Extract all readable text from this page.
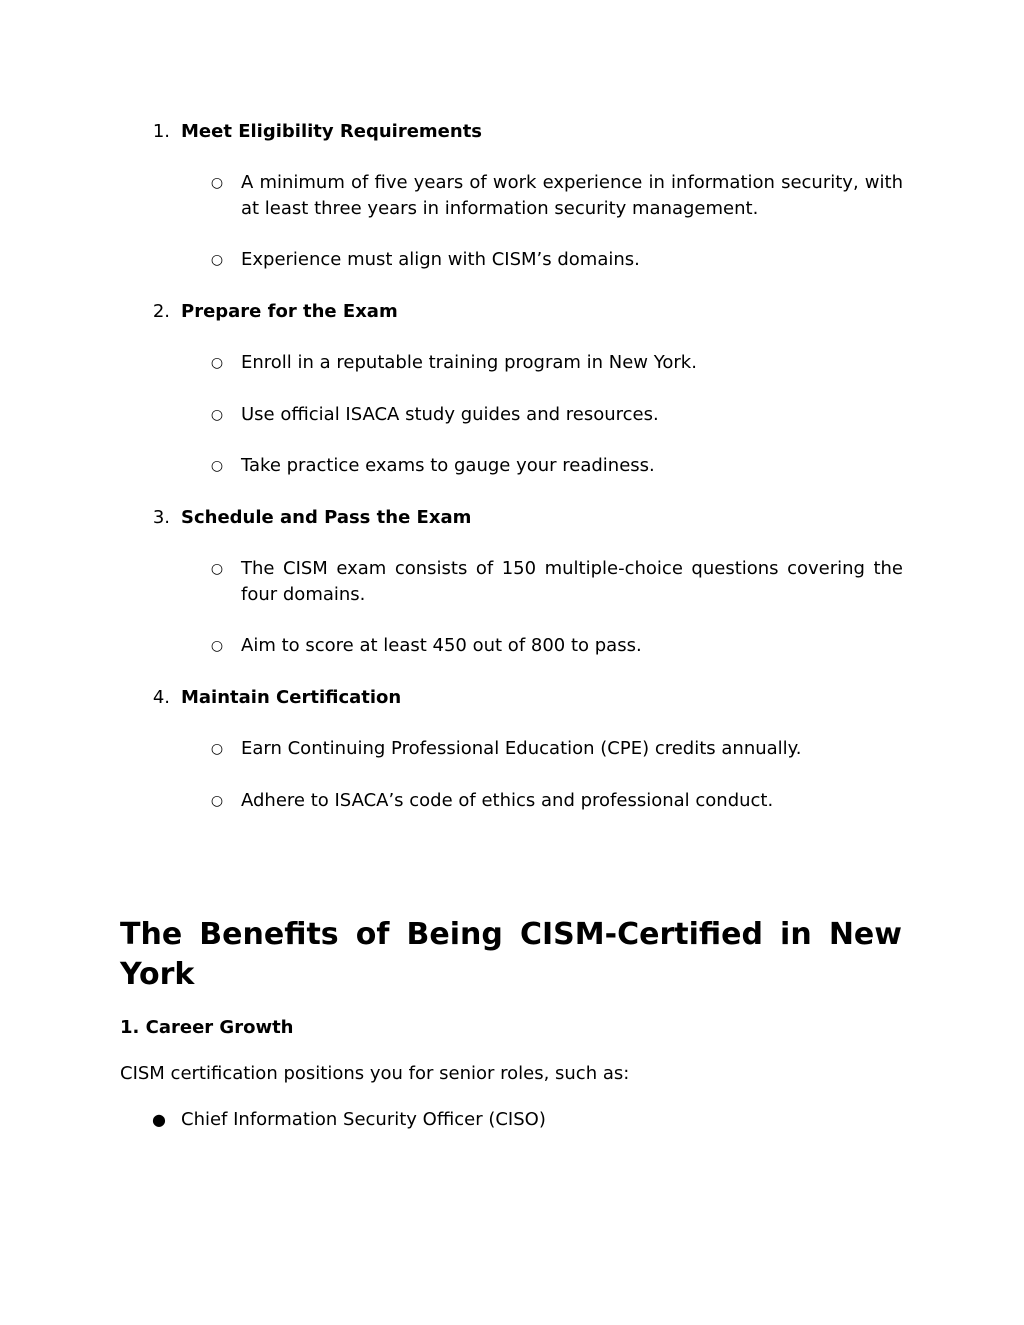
1. Meet Eligibility Requirements
○ A minimum of five years of work experience in information security, with at least three years in information security management.
○ Experience must align with CISM’s domains.
2. Prepare for the Exam
○ Enroll in a reputable training program in New York.
○ Use official ISACA study guides and resources.
○ Take practice exams to gauge your readiness.
3. Schedule and Pass the Exam
○ The CISM exam consists of 150 multiple-choice questions covering the four domains.
○ Aim to score at least 450 out of 800 to pass.
4. Maintain Certification
○ Earn Continuing Professional Education (CPE) credits annually.
○ Adhere to ISACA’s code of ethics and professional conduct.
The Benefits of Being CISM-Certified in New York
1. Career Growth
CISM certification positions you for senior roles, such as:
● Chief Information Security Officer (CISO)
